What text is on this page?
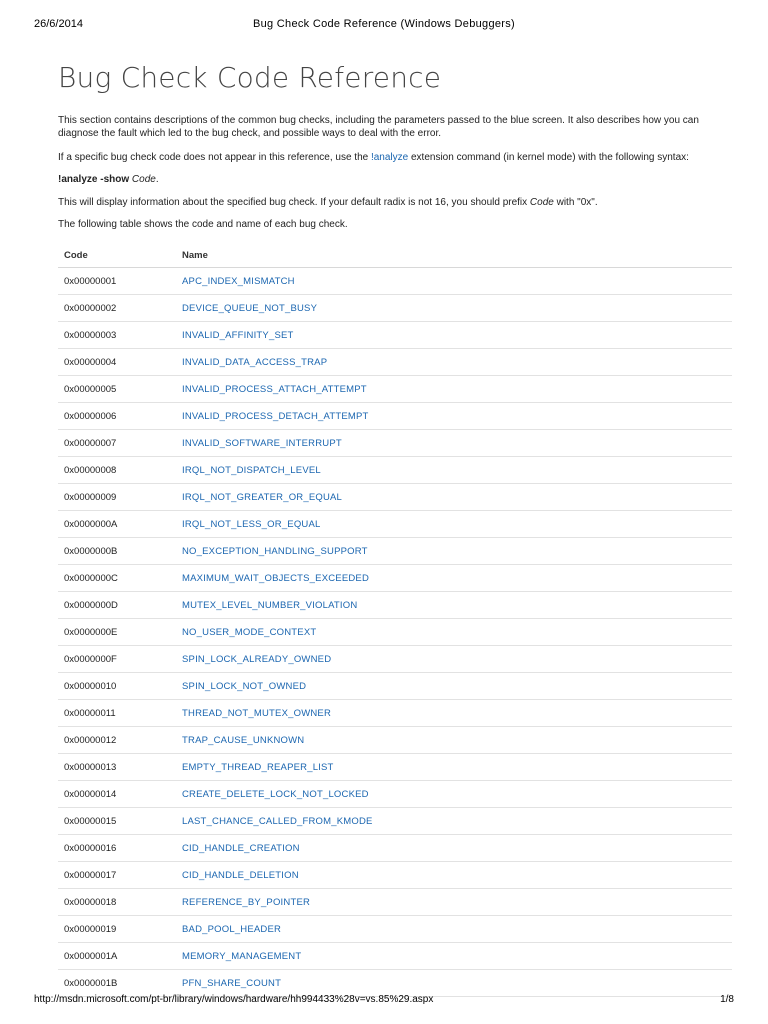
26/6/2014	Bug Check Code Reference (Windows Debuggers)
Bug Check Code Reference

This section contains descriptions of the common bug checks, including the parameters passed to the blue screen. It also describes how you can diagnose the fault which led to the bug check, and possible ways to deal with the error.

If a specific bug check code does not appear in this reference, use the !analyze extension command (in kernel mode) with the following syntax:

!analyze -show Code.

This will display information about the specified bug check. If your default radix is not 16, you should prefix Code with "0x".

The following table shows the code and name of each bug check.

Code	Name
0x00000001	APC_INDEX_MISMATCH
0x00000002	DEVICE_QUEUE_NOT_BUSY
0x00000003	INVALID_AFFINITY_SET
0x00000004	INVALID_DATA_ACCESS_TRAP
0x00000005	INVALID_PROCESS_ATTACH_ATTEMPT
0x00000006	INVALID_PROCESS_DETACH_ATTEMPT
0x00000007	INVALID_SOFTWARE_INTERRUPT
0x00000008	IRQL_NOT_DISPATCH_LEVEL
0x00000009	IRQL_NOT_GREATER_OR_EQUAL
0x0000000A	IRQL_NOT_LESS_OR_EQUAL
0x0000000B	NO_EXCEPTION_HANDLING_SUPPORT
0x0000000C	MAXIMUM_WAIT_OBJECTS_EXCEEDED
0x0000000D	MUTEX_LEVEL_NUMBER_VIOLATION
0x0000000E	NO_USER_MODE_CONTEXT
0x0000000F	SPIN_LOCK_ALREADY_OWNED
0x00000010	SPIN_LOCK_NOT_OWNED
0x00000011	THREAD_NOT_MUTEX_OWNER
0x00000012	TRAP_CAUSE_UNKNOWN
0x00000013	EMPTY_THREAD_REAPER_LIST
0x00000014	CREATE_DELETE_LOCK_NOT_LOCKED
0x00000015	LAST_CHANCE_CALLED_FROM_KMODE
0x00000016	CID_HANDLE_CREATION
0x00000017	CID_HANDLE_DELETION
0x00000018	REFERENCE_BY_POINTER
0x00000019	BAD_POOL_HEADER
0x0000001A	MEMORY_MANAGEMENT
0x0000001B	PFN_SHARE_COUNT
http://msdn.microsoft.com/pt-br/library/windows/hardware/hh994433%28v=vs.85%29.aspx	1/8
